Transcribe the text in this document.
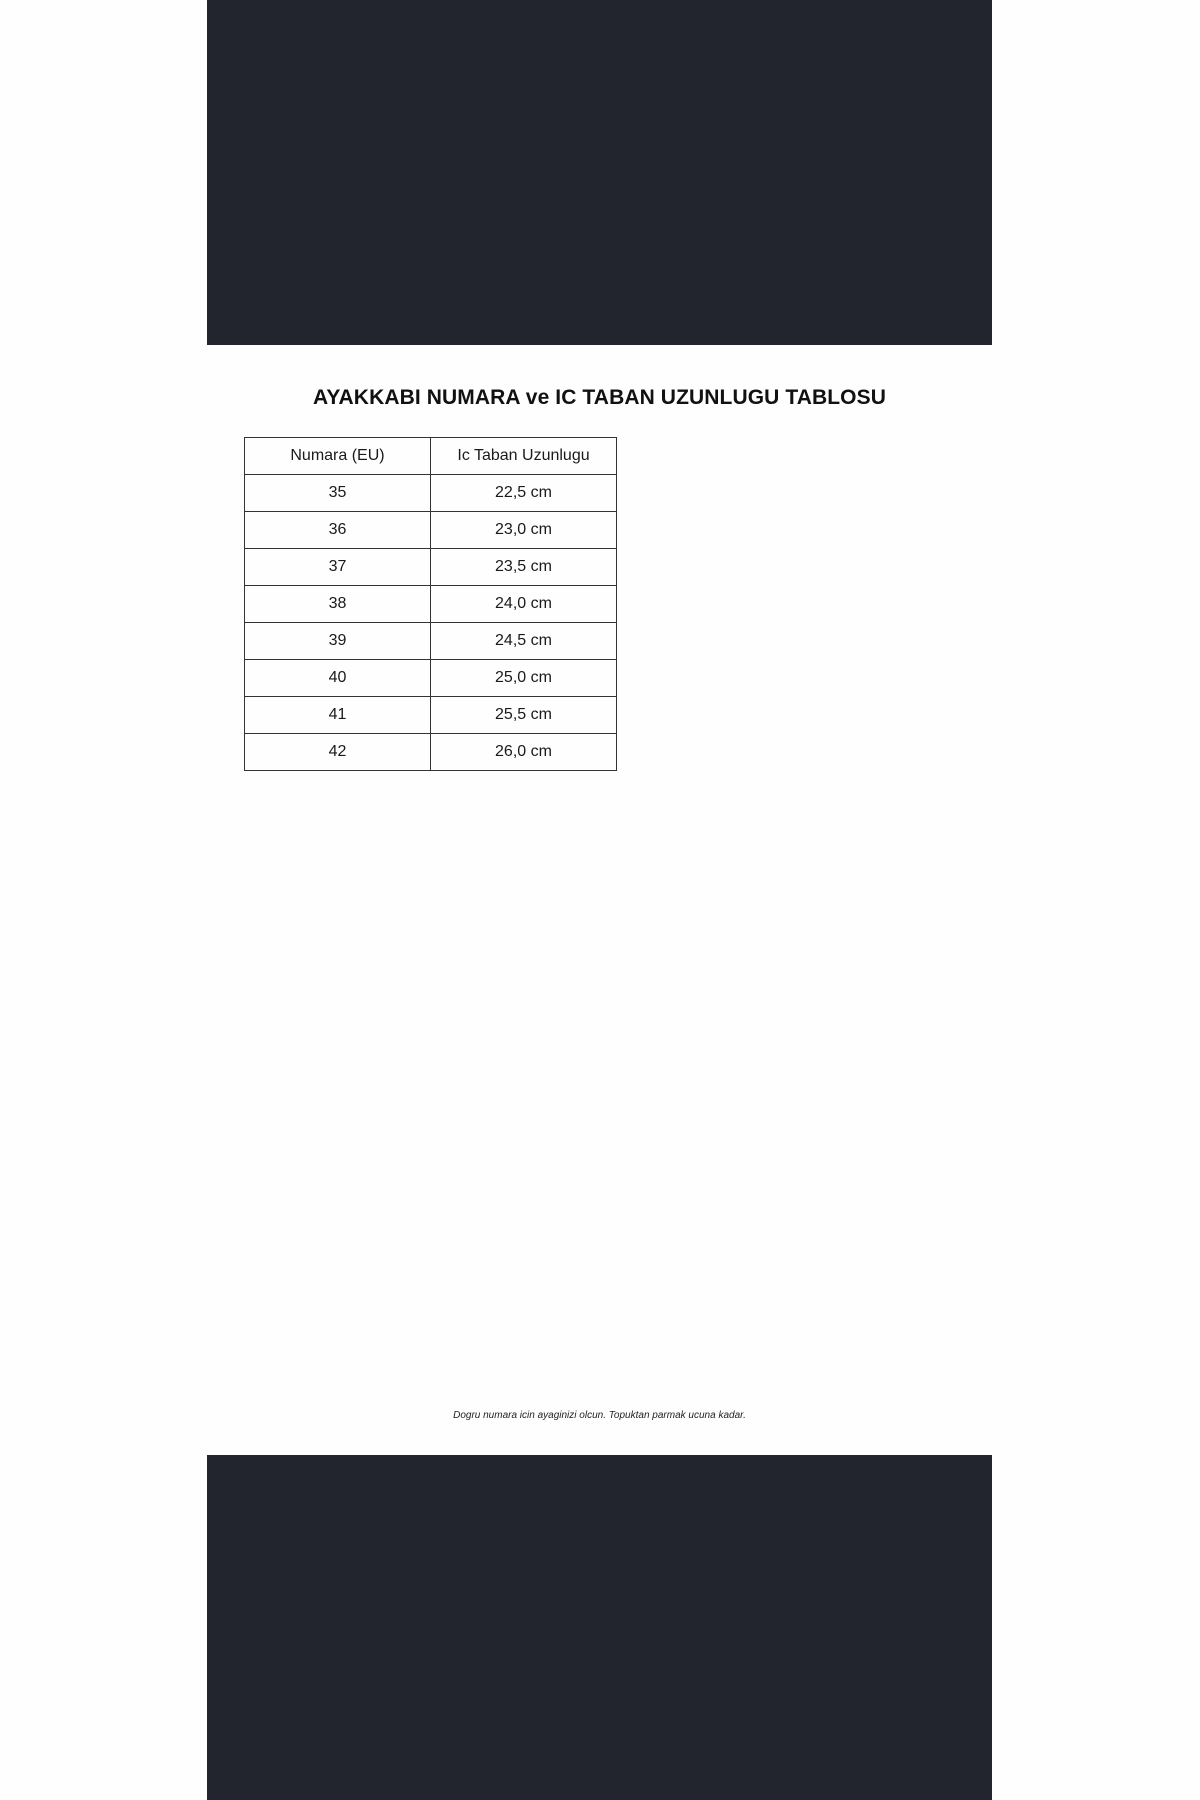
AYAKKABI NUMARA ve IC TABAN UZUNLUGU TABLOSU
Numara (EU)	Ic Taban Uzunlugu
35	22,5 cm
36	23,0 cm
37	23,5 cm
38	24,0 cm
39	24,5 cm
40	25,0 cm
41	25,5 cm
42	26,0 cm

Dogru numara icin ayaginizi olcun. Topuktan parmak ucuna kadar.
